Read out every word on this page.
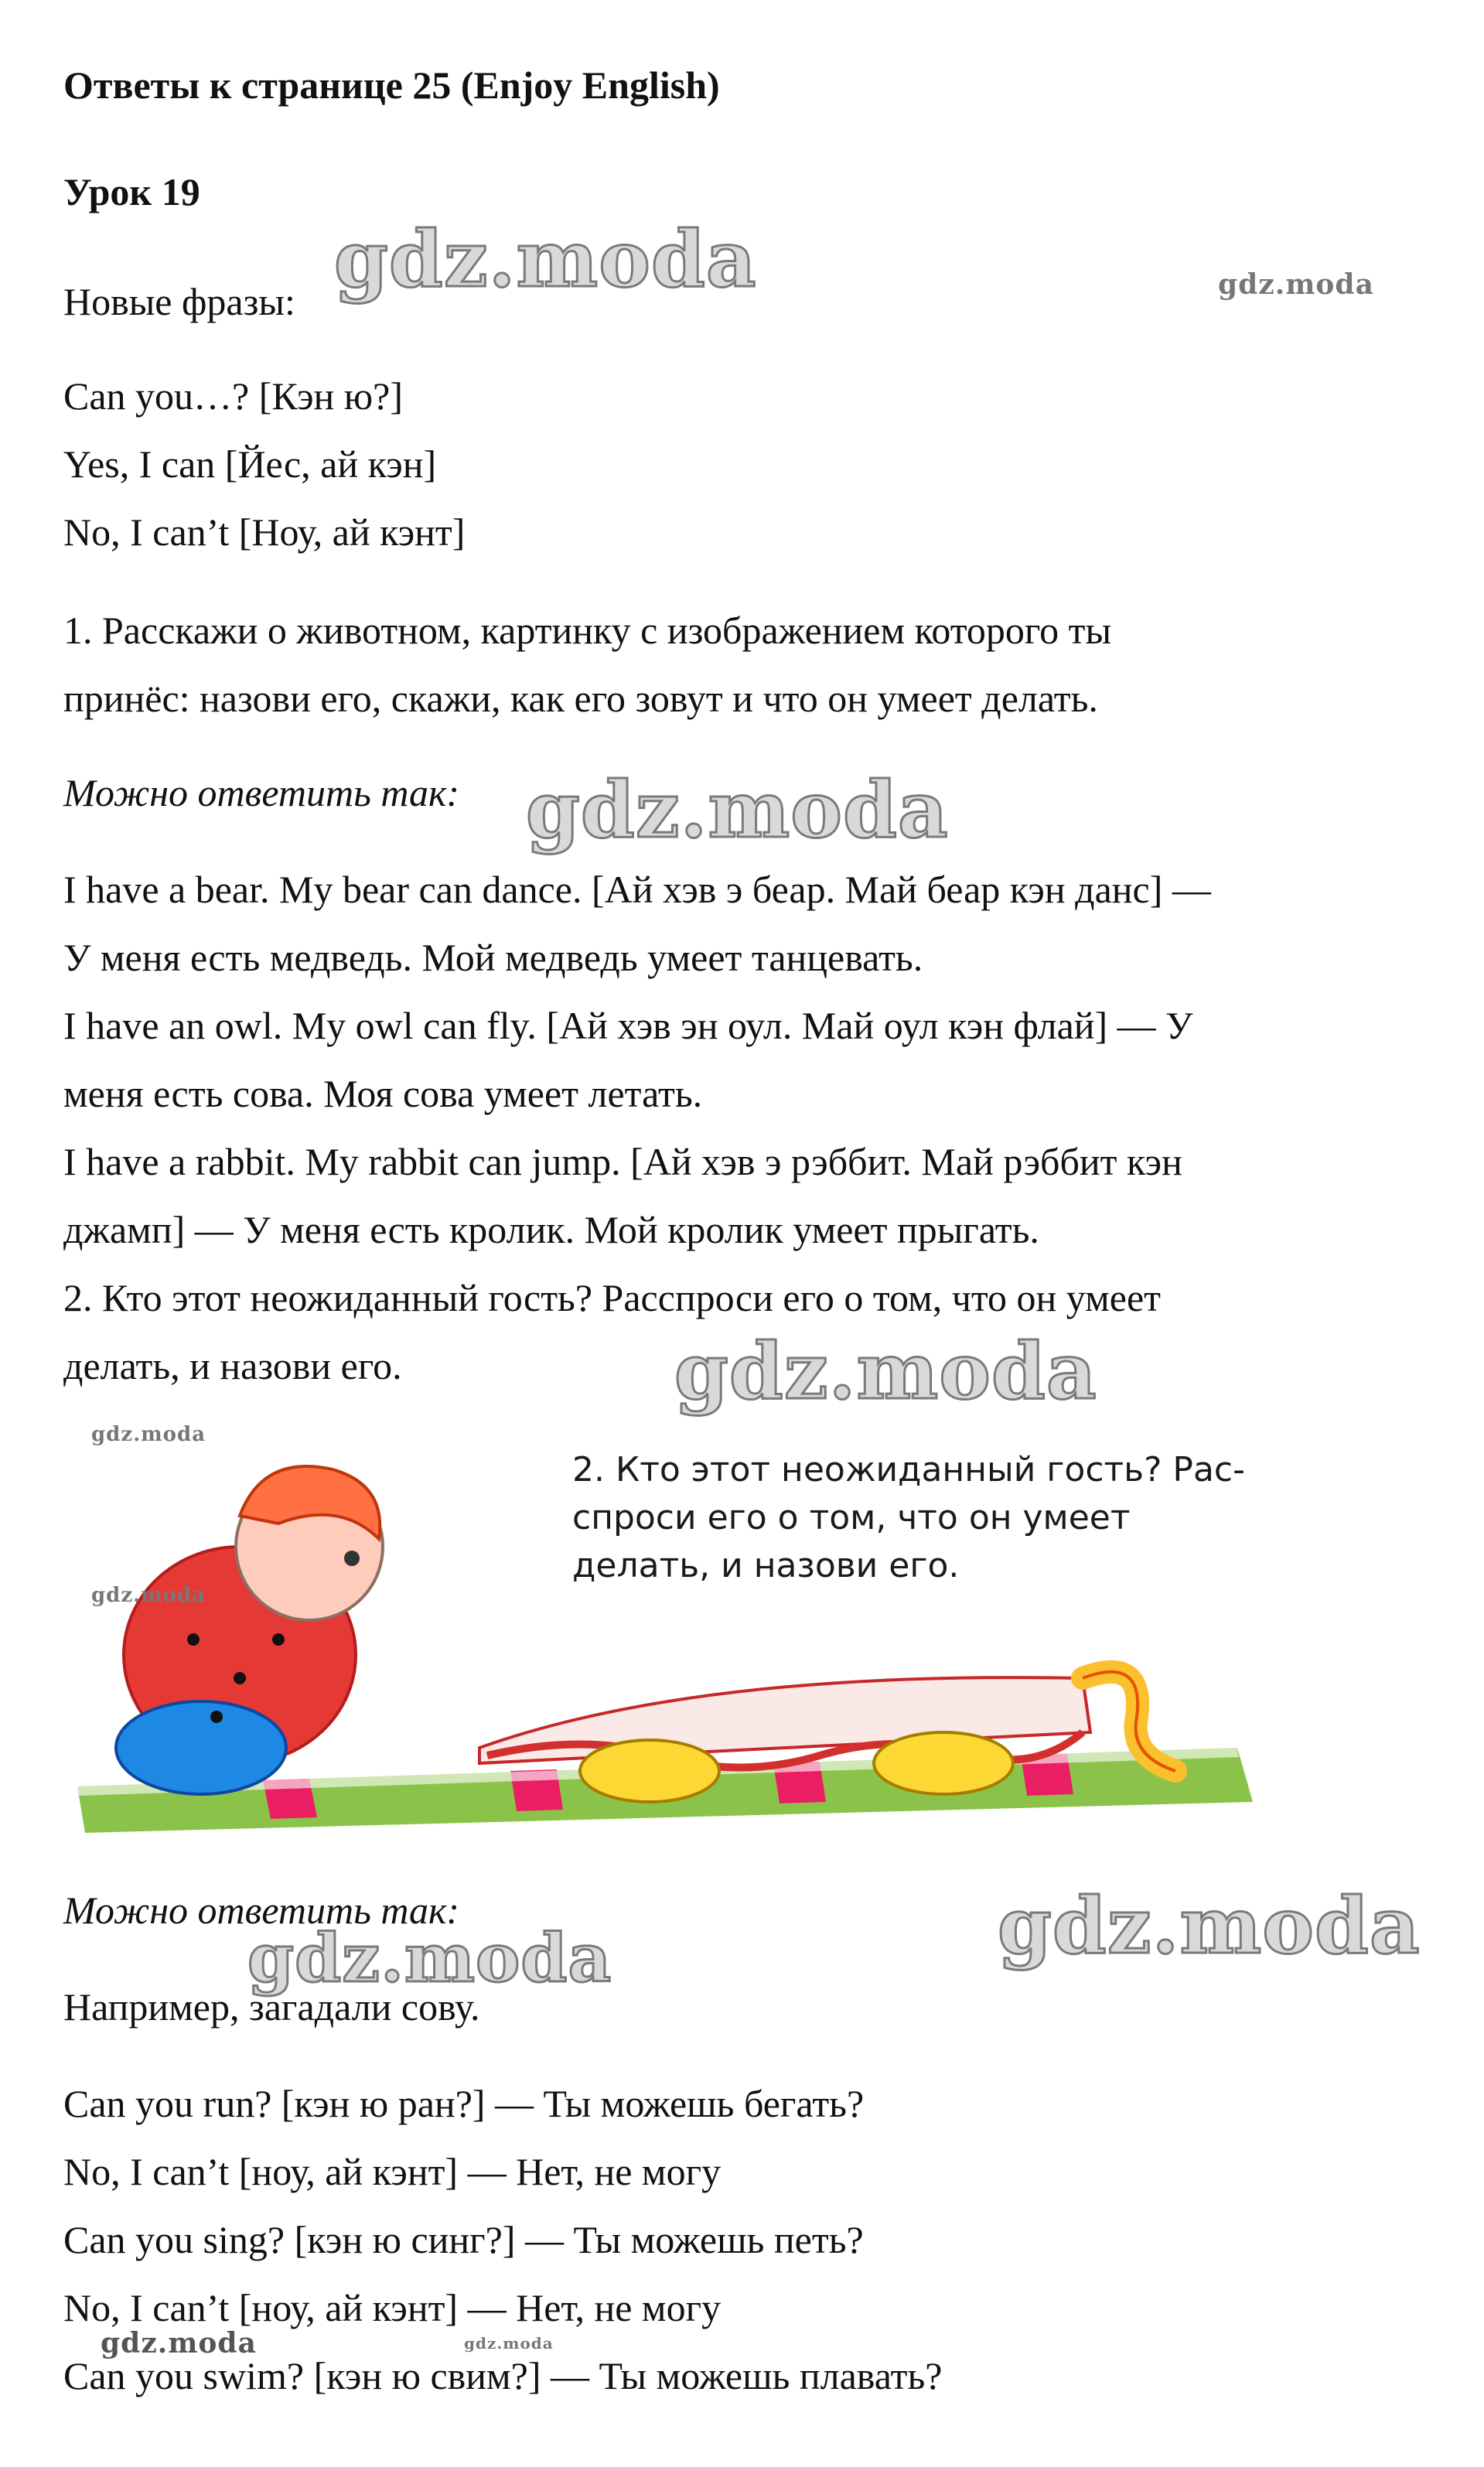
Ответы к странице 25 (Enjoy English)
Урок 19
gdz.moda	gdz.moda
Новые фразы:
Can you…? [Кэн ю?]
Yes, I can [Йес, ай кэн]
No, I can’t [Ноу, ай кэнт]
1. Расскажи о животном, картинку с изображением которого ты
принёс: назови его, скажи, как его зовут и что он умеет делать.
Можно ответить так: gdz.moda
I have a bear. My bear can dance. [Ай хэв э беар. Май беар кэн данс] —
У меня есть медведь. Мой медведь умеет танцевать.
I have an owl. My owl can fly. [Ай хэв эн оул. Май оул кэн флай] — У
меня есть сова. Моя сова умеет летать.
I have a rabbit. My rabbit can jump. [Ай хэв э рэббит. Май рэббит кэн
джамп] — У меня есть кролик. Мой кролик умеет прыгать.
2. Кто этот неожиданный гость? Расспроси его о том, что он умеет
делать, и назови его.	gdz.moda
2. Кто этот неожиданный гость? Рас-
спроси его о том, что он умеет
делать, и назови его.
gdz.moda
gdz.moda
Можно ответить так:
gdz.moda	gdz.moda
Например, загадали сову.
Can you run? [кэн ю ран?] — Ты можешь бегать?
No, I can’t [ноу, ай кэнт] — Нет, не могу
Can you sing? [кэн ю синг?] — Ты можешь петь?
No, I can’t [ноу, ай кэнт] — Нет, не могу
Can you swim? [кэн ю свим?] — Ты можешь плавать?
gdz.moda	gdz.moda
